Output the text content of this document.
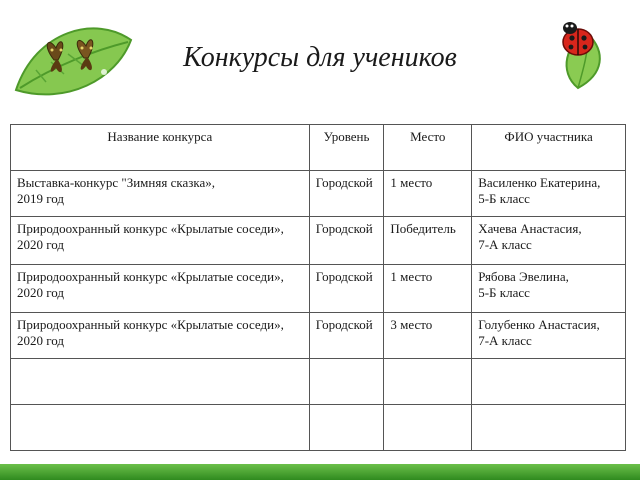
Конкурсы для учеников
Название конкурса	Уровень	Место	ФИО участника
Выставка-конкурс "Зимняя сказка»,
2019 год	Городской	1 место	Василенко Екатерина,
5-Б класс
Природоохранный конкурс «Крылатые соседи», 2020 год	Городской	Победитель	Хачева Анастасия,
7-А класс
Природоохранный конкурс «Крылатые соседи», 2020 год	Городской	1 место	Рябова Эвелина,
5-Б класс
Природоохранный конкурс «Крылатые соседи», 2020 год	Городской	3 место	Голубенко Анастасия,
7-А класс
